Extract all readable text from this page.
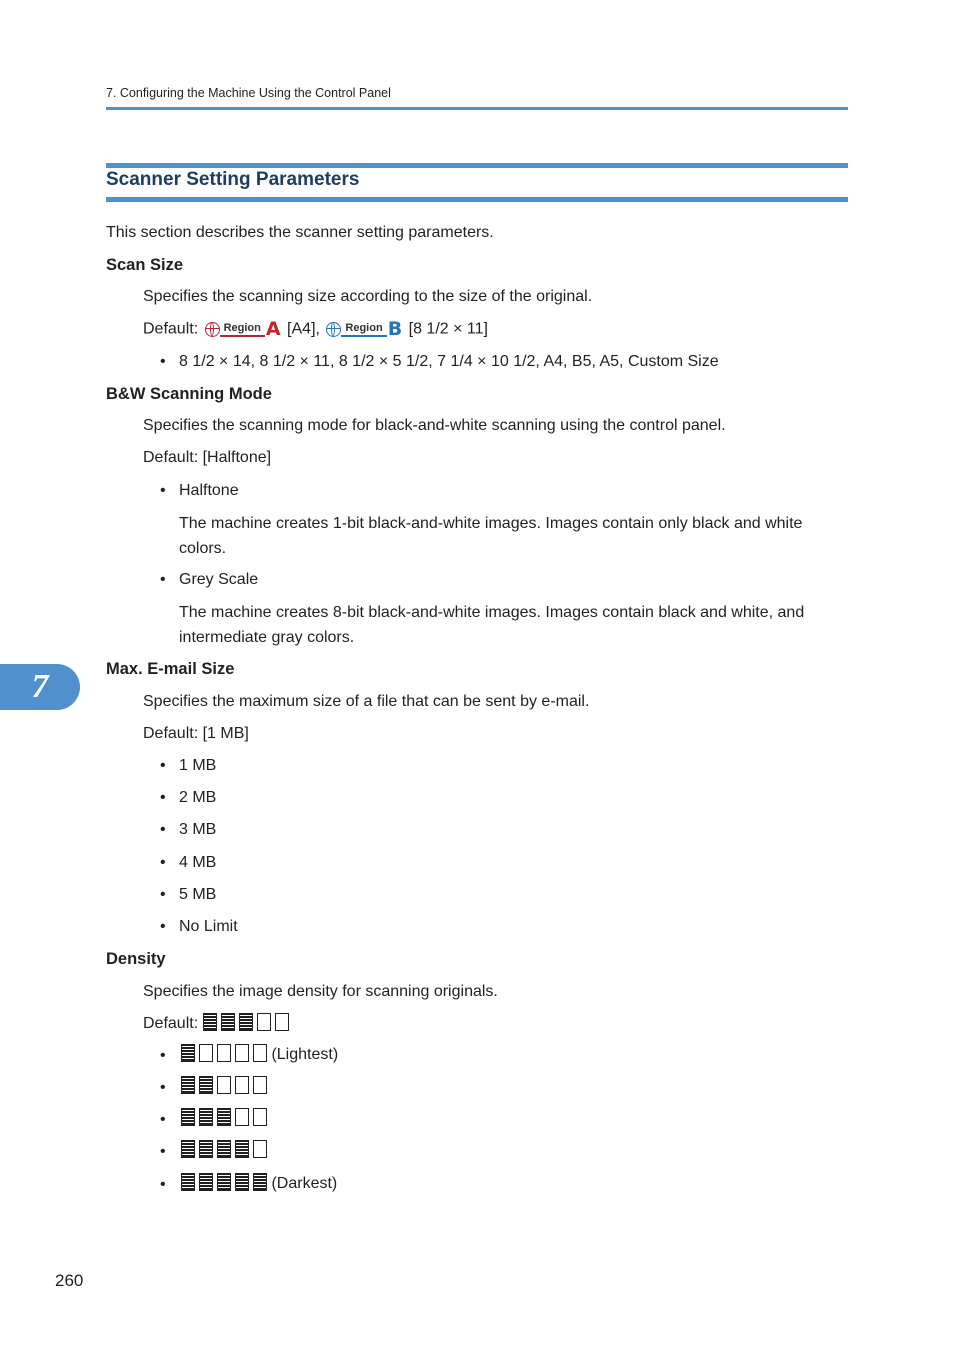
7. Configuring the Machine Using the Control Panel
Scanner Setting Parameters
This section describes the scanner setting parameters.
Scan Size
Specifies the scanning size according to the size of the original.
Default:	Region A [A4],	Region B [8 1/2 × 11]
• 8 1/2 × 14, 8 1/2 × 11, 8 1/2 × 5 1/2, 7 1/4 × 10 1/2, A4, B5, A5, Custom Size
B&W Scanning Mode
Specifies the scanning mode for black-and-white scanning using the control panel.
Default: [Halftone]
• Halftone
The machine creates 1-bit black-and-white images. Images contain only black and white colors.
• Grey Scale
The machine creates 8-bit black-and-white images. Images contain black and white, and intermediate gray colors.
Max. E-mail Size
Specifies the maximum size of a file that can be sent by e-mail.
Default: [1 MB]
• 1 MB
• 2 MB
• 3 MB
• 4 MB
• 5 MB
• No Limit
Density
Specifies the image density for scanning originals.
Default:
•	(Lightest)
•
•
•
•	(Darkest)
7
260
